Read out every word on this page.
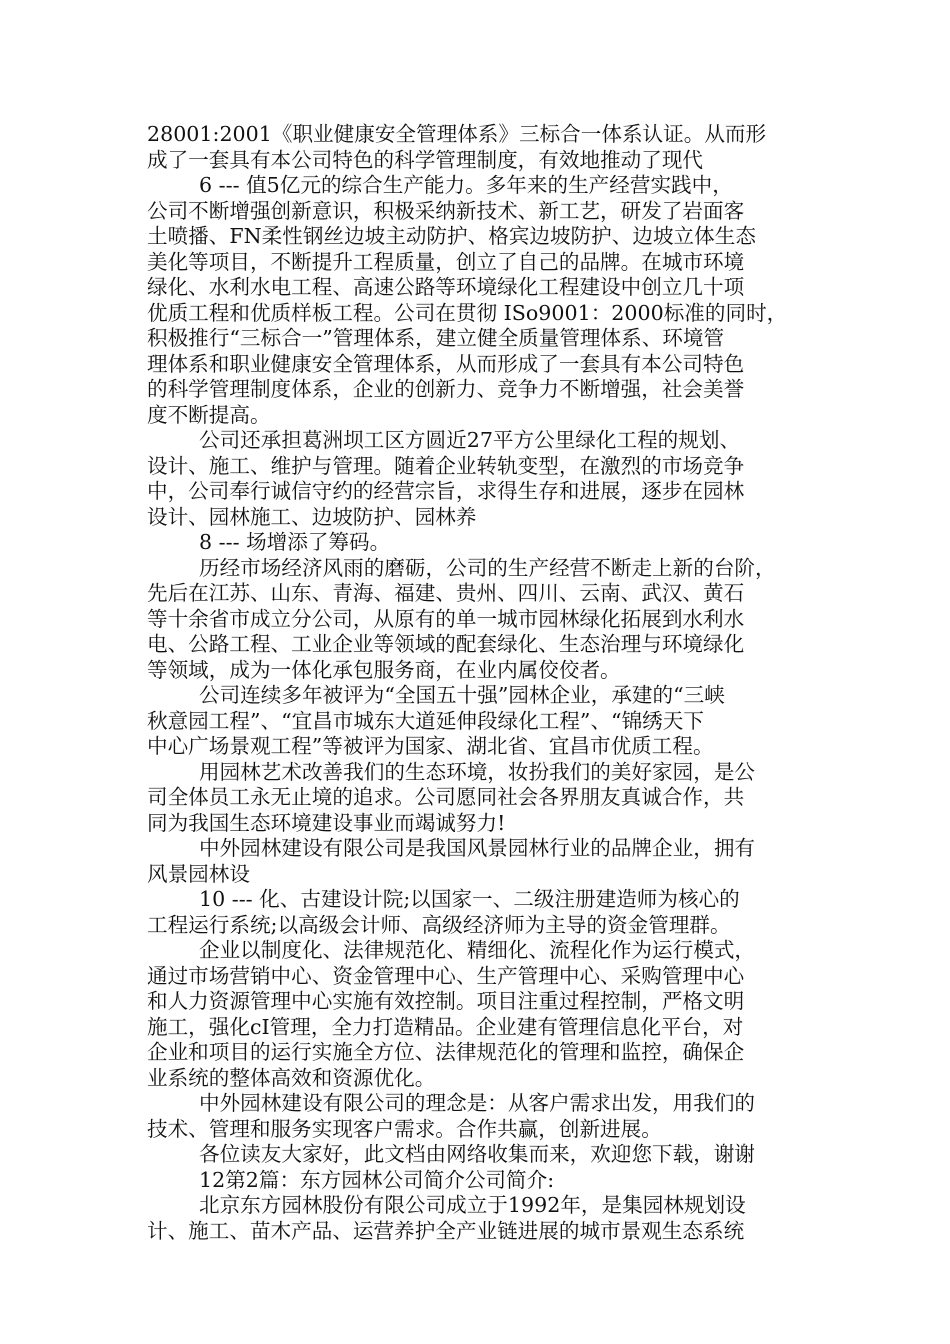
28001:2001《职业健康安全管理体系》三标合一体系认证。从而形
成了一套具有本公司特色的科学管理制度，有效地推动了现代
6 --- 值5亿元的综合生产能力。多年来的生产经营实践中，
公司不断增强创新意识，积极采纳新技术、新工艺，研发了岩面客
土喷播、FN柔性钢丝边坡主动防护、格宾边坡防护、边坡立体生态
美化等项目，不断提升工程质量，创立了自己的品牌。在城市环境
绿化、水利水电工程、高速公路等环境绿化工程建设中创立几十项
优质工程和优质样板工程。公司在贯彻 ISo9001：2000标准的同时，
积极推行“三标合一”管理体系，建立健全质量管理体系、环境管
理体系和职业健康安全管理体系，从而形成了一套具有本公司特色
的科学管理制度体系，企业的创新力、竞争力不断增强，社会美誉
度不断提高。
公司还承担葛洲坝工区方圆近27平方公里绿化工程的规划、
设计、施工、维护与管理。随着企业转轨变型，在激烈的市场竞争
中，公司奉行诚信守约的经营宗旨，求得生存和进展，逐步在园林
设计、园林施工、边坡防护、园林养
8 --- 场增添了筹码。
历经市场经济风雨的磨砺，公司的生产经营不断走上新的台阶，
先后在江苏、山东、青海、福建、贵州、四川、云南、武汉、黄石
等十余省市成立分公司，从原有的单一城市园林绿化拓展到水利水
电、公路工程、工业企业等领域的配套绿化、生态治理与环境绿化
等领域，成为一体化承包服务商，在业内属佼佼者。
公司连续多年被评为“全国五十强”园林企业，承建的“三峡
秋意园工程”、“宜昌市城东大道延伸段绿化工程”、“锦绣天下
中心广场景观工程”等被评为国家、湖北省、宜昌市优质工程。
用园林艺术改善我们的生态环境，妆扮我们的美好家园，是公
司全体员工永无止境的追求。公司愿同社会各界朋友真诚合作，共
同为我国生态环境建设事业而竭诚努力!
中外园林建设有限公司是我国风景园林行业的品牌企业，拥有
风景园林设
10 --- 化、古建设计院;以国家一、二级注册建造师为核心的
工程运行系统;以高级会计师、高级经济师为主导的资金管理群。
企业以制度化、法律规范化、精细化、流程化作为运行模式，
通过市场营销中心、资金管理中心、生产管理中心、采购管理中心
和人力资源管理中心实施有效控制。项目注重过程控制，严格文明
施工，强化cI管理，全力打造精品。企业建有管理信息化平台，对
企业和项目的运行实施全方位、法律规范化的管理和监控，确保企
业系统的整体高效和资源优化。
中外园林建设有限公司的理念是：从客户需求出发，用我们的
技术、管理和服务实现客户需求。合作共赢，创新进展。
各位读友大家好，此文档由网络收集而来，欢迎您下载，谢谢
12第2篇：东方园林公司简介公司简介:
北京东方园林股份有限公司成立于1992年，是集园林规划设
计、施工、苗木产品、运营养护全产业链进展的城市景观生态系统
